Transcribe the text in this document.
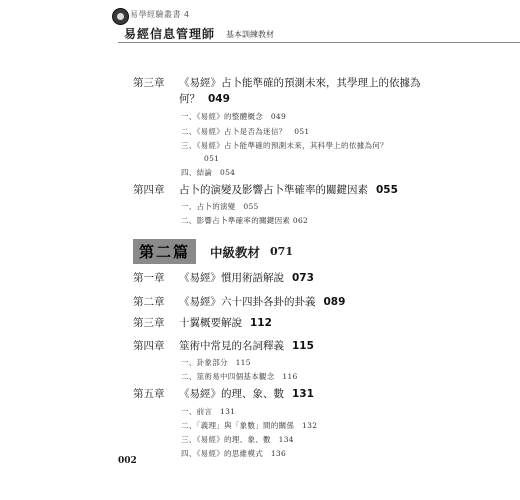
易學經驗叢書 4
易經信息管理師 基本訓練教材
第三章 《易經》占卜能準確的預測未來，其學理上的依據為
何？ 049
一、《易經》的整體概念　049
二、《易經》占卜是否為迷信？　051
三、《易經》占卜能準確的預測未來，其科學上的依據為何？
051
四、結論　054
第四章 占卜的演變及影響占卜準確率的關鍵因素 055
一、占卜的演變　055
二、影響占卜準確率的關鍵因素 062
第二篇	中級教材 071
第一章 《易經》慣用術語解說 073
第二章 《易經》六十四卦各卦的卦義 089
第三章 十翼概要解說 112
第四章 筮術中常見的名詞釋義 115
一、卦象部分　115
二、筮術易中四個基本觀念　116
第五章 《易經》的理、象、數 131
一、前言　131
二、「義理」與「象數」間的關係　132
三、《易經》的理、象、數　134
四、《易經》的思維模式　136
002
